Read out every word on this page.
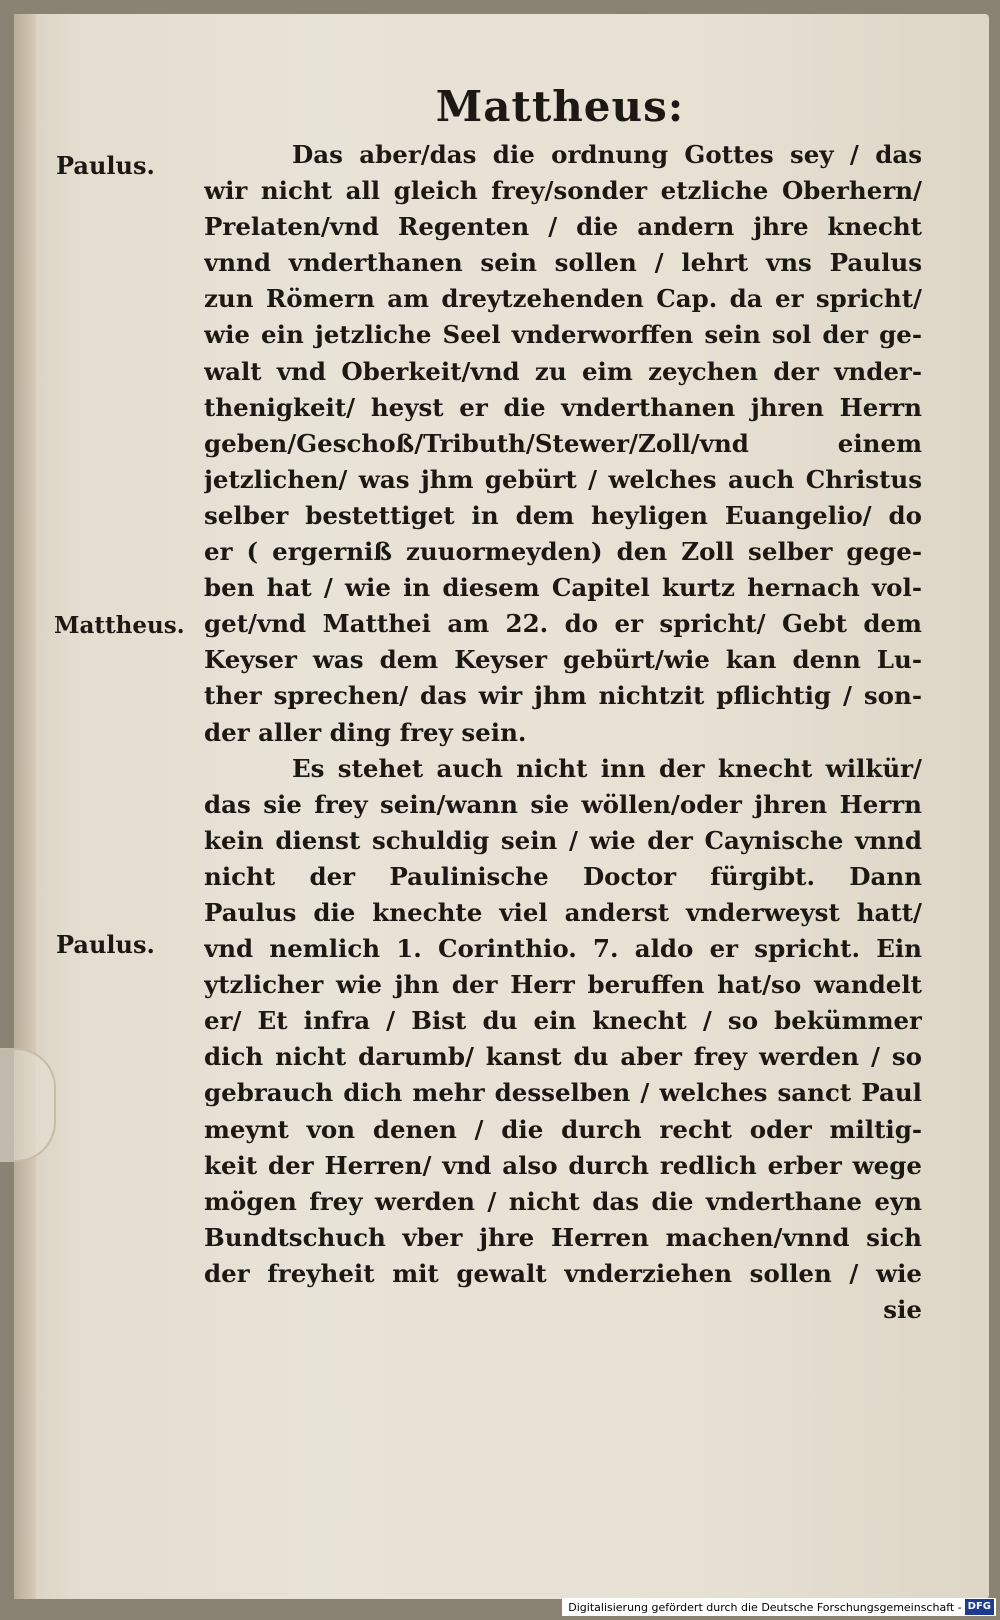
Mattheus:
Paulus.
Mattheus.
Paulus.
Das aber/das die ordnung Gottes sey / das
wir nicht all gleich frey/sonder etzliche Oberhern/
Prelaten/vnd Regenten / die andern jhre knecht
vnnd vnderthanen sein sollen / lehrt vns Paulus
zun Römern am dreytzehenden Cap. da er spricht/
wie ein jetzliche Seel vnderworffen sein sol der ge-
walt vnd Oberkeit/vnd zu eim zeychen der vnder-
thenigkeit/ heyst er die vnderthanen jhren Herrn
geben/Geschoß/Tributh/Stewer/Zoll/vnd einem
jetzlichen/ was jhm gebürt / welches auch Christus
selber bestettiget in dem heyligen Euangelio/ do
er ( ergerniß zuuormeyden) den Zoll selber gege-
ben hat / wie in diesem Capitel kurtz hernach vol-
get/vnd Matthei am 22. do er spricht/ Gebt dem
Keyser was dem Keyser gebürt/wie kan denn Lu-
ther sprechen/ das wir jhm nichtzit pflichtig / son-
der aller ding frey sein.
Es stehet auch nicht inn der knecht wilkür/
das sie frey sein/wann sie wöllen/oder jhren Herrn
kein dienst schuldig sein / wie der Caynische vnnd
nicht der Paulinische Doctor fürgibt. Dann
Paulus die knechte viel anderst vnderweyst hatt/
vnd nemlich 1. Corinthio. 7. aldo er spricht. Ein
ytzlicher wie jhn der Herr beruffen hat/so wandelt
er/ Et infra / Bist du ein knecht / so bekümmer
dich nicht darumb/ kanst du aber frey werden / so
gebrauch dich mehr desselben / welches sanct Paul
meynt von denen / die durch recht oder miltig-
keit der Herren/ vnd also durch redlich erber wege
mögen frey werden / nicht das die vnderthane eyn
Bundtschuch vber jhre Herren machen/vnnd sich
der freyheit mit gewalt vnderziehen sollen / wie
sie
Digitalisierung gefördert durch die Deutsche Forschungsgemeinschaft - DFG
